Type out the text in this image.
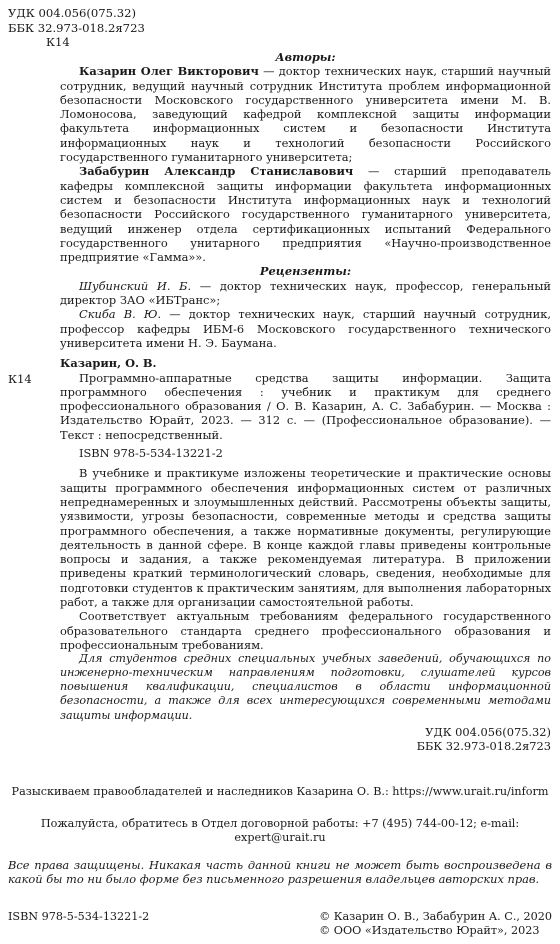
УДК 004.056(075.32)
ББК 32.973-018.2я723
К14
Авторы:

Казарин Олег Викторович — доктор технических наук, старший научный сотрудник, ведущий научный сотрудник Института проблем информационной безопасности Московского государственного университета имени М. В. Ломоносова, заведующий кафедрой комплексной защиты информации факультета информационных систем и безопасности Института информационных наук и технологий безопасности Российского государственного гуманитарного университета;

Забабурин Александр Станиславович — старший преподаватель кафедры комплексной защиты информации факультета информационных систем и безопасности Института информационных наук и технологий безопасности Российского государственного гуманитарного университета, ведущий инженер отдела сертификационных испытаний Федерального государственного унитарного предприятия «Научно-производственное предприятие «Гамма»».

Рецензенты:

Шубинский И. Б. — доктор технических наук, профессор, генеральный директор ЗАО «ИБТранс»;

Скиба В. Ю. — доктор технических наук, старший научный сотрудник, профессор кафедры ИБМ-6 Московского государственного технического университета имени Н. Э. Баумана.

Казарин, О. В.

Программно-аппаратные средства защиты информации. Защита программного обеспечения : учебник и практикум для среднего профессионального образования / О. В. Казарин, А. С. Забабурин. — Москва : Издательство Юрайт, 2023. — 312 с. — (Профессиональное образование). — Текст : непосредственный.

ISBN 978-5-534-13221-2

В учебнике и практикуме изложены теоретические и практические основы защиты программного обеспечения информационных систем от различных непреднамеренных и злоумышленных действий. Рассмотрены объекты защиты, уязвимости, угрозы безопасности, современные методы и средства защиты программного обеспечения, а также нормативные документы, регулирующие деятельность в данной сфере. В конце каждой главы приведены контрольные вопросы и задания, а также рекомендуемая литература. В приложении приведены краткий терминологический словарь, сведения, необходимые для подготовки студентов к практическим занятиям, для выполнения лабораторных работ, а также для организации самостоятельной работы.

Соответствует актуальным требованиям федерального государственного образовательного стандарта среднего профессионального образования и профессиональным требованиям.

Для студентов средних специальных учебных заведений, обучающихся по инженерно-техническим направлениям подготовки, слушателей курсов повышения квалификации, специалистов в области информационной безопасности, а также для всех интересующихся современными методами защиты информации.

УДК 004.056(075.32)
ББК 32.973-018.2я723
К14
Разыскиваем правообладателей и наследников Казарина О. В.: https://www.urait.ru/inform
Пожалуйста, обратитесь в Отдел договорной работы: +7 (495) 744-00-12; e-mail: expert@urait.ru
Все права защищены. Никакая часть данной книги не может быть воспроизведена в какой бы то ни было форме без письменного разрешения владельцев авторских прав.
ISBN 978-5-534-13221-2	© Казарин О. В., Забабурин А. С., 2020
© ООО «Издательство Юрайт», 2023
